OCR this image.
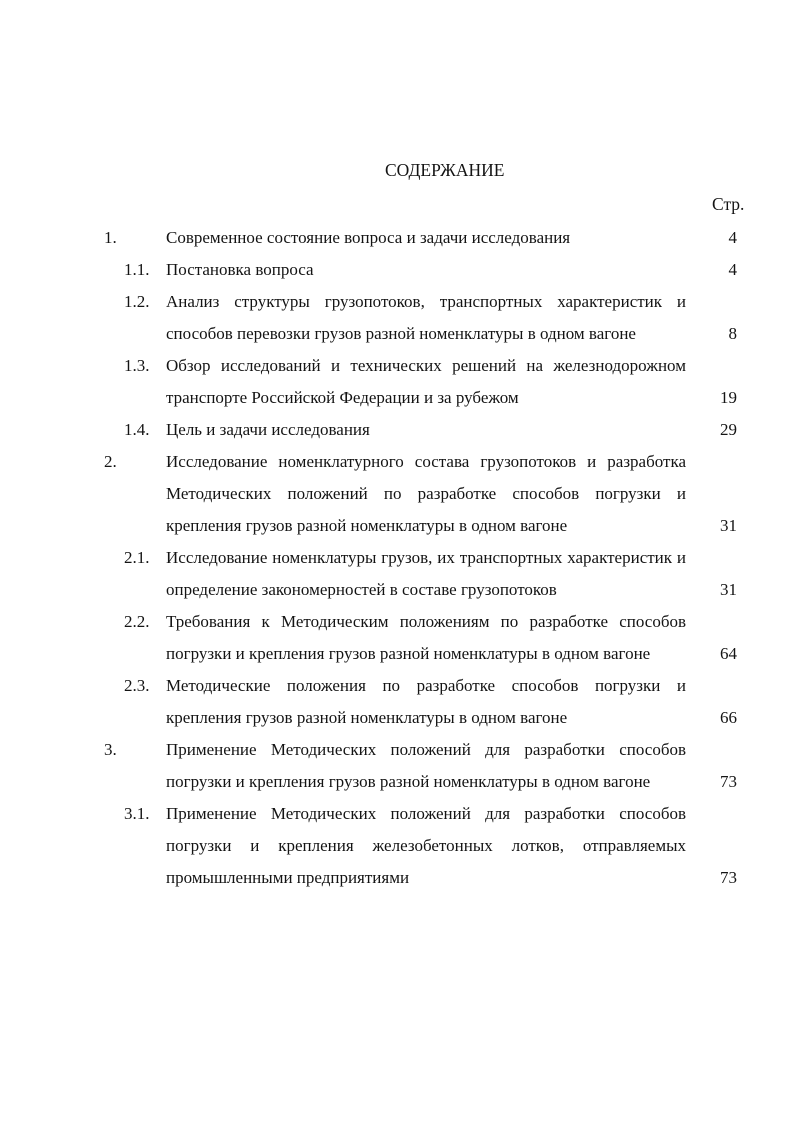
СОДЕРЖАНИЕ
Стр.
1.	Современное состояние вопроса и задачи исследования	4
1.1. Постановка вопроса	4
1.2. Анализ структуры грузопотоков, транспортных характеристик и способов перевозки грузов разной номенклатуры в одном вагоне	8
1.3. Обзор исследований и технических решений на железнодорожном транспорте Российской Федерации и за рубежом	19
1.4. Цель и задачи исследования	29
2.	Исследование номенклатурного состава грузопотоков и разработка Методических положений по разработке способов погрузки и крепления грузов разной номенклатуры в одном вагоне	31
2.1. Исследование номенклатуры грузов, их транспортных характеристик и определение закономерностей в составе грузопотоков	31
2.2. Требования к Методическим положениям по разработке способов погрузки и крепления грузов разной номенклатуры в одном вагоне	64
2.3. Методические положения по разработке способов погрузки и крепления грузов разной номенклатуры в одном вагоне	66
3.	Применение Методических положений для разработки способов погрузки и крепления грузов разной номенклатуры в одном вагоне	73
3.1. Применение Методических положений для разработки способов погрузки и крепления железобетонных лотков, отправляемых промышленными предприятиями	73
